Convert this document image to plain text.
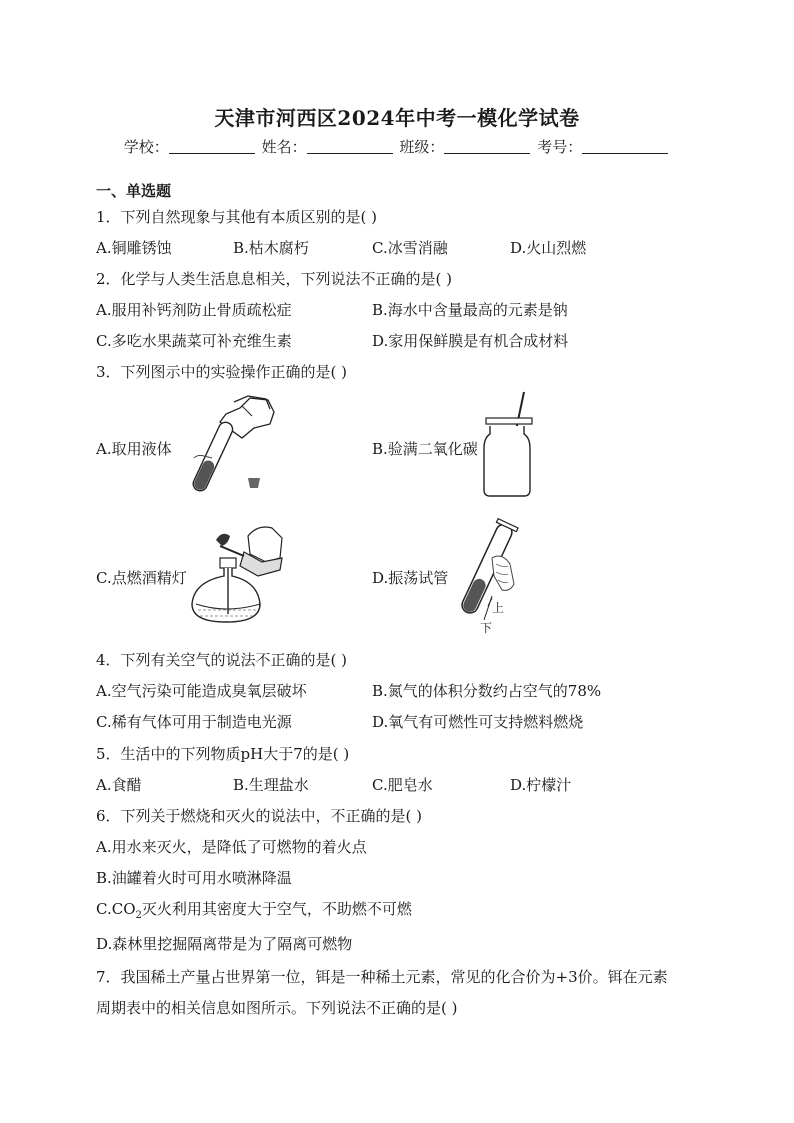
天津市河西区2024年中考一模化学试卷
学校：	姓名：	班级：	考号：
一、单选题
1．下列自然现象与其他有本质区别的是( )
A.铜雕锈蚀	B.枯木腐朽	C.冰雪消融	D.火山烈燃
2．化学与人类生活息息相关，下列说法不正确的是( )
A.服用补钙剂防止骨质疏松症	B.海水中含量最高的元素是钠
C.多吃水果蔬菜可补充维生素	D.家用保鲜膜是有机合成材料
3．下列图示中的实验操作正确的是( )
A.取用液体	B.验满二氧化碳
C.点燃酒精灯	D.振荡试管
上
下
4．下列有关空气的说法不正确的是( )
A.空气污染可能造成臭氧层破坏	B.氮气的体积分数约占空气的78%
C.稀有气体可用于制造电光源	D.氧气有可燃性可支持燃料燃烧
5．生活中的下列物质pH大于7的是( )
A.食醋	B.生理盐水	C.肥皂水	D.柠檬汁
6．下列关于燃烧和灭火的说法中，不正确的是( )
A.用水来灭火，是降低了可燃物的着火点
B.油罐着火时可用水喷淋降温
$C.CO_2$灭火利用其密度大于空气，不助燃不可燃
D.森林里挖掘隔离带是为了隔离可燃物
7．我国稀土产量占世界第一位，铒是一种稀土元素，常见的化合价为+3价。铒在元素
周期表中的相关信息如图所示。下列说法不正确的是( )
